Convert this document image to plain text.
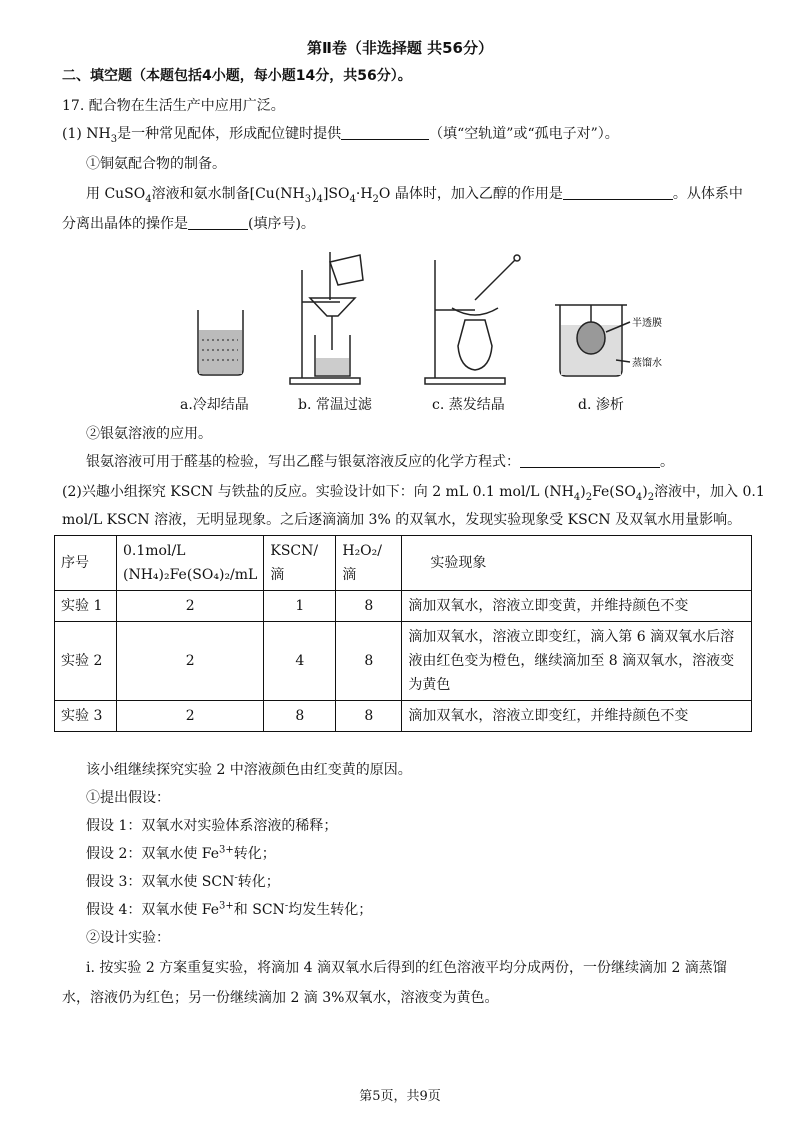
第Ⅱ卷（非选择题 共56分）
二、填空题（本题包括4小题，每小题14分，共56分）。
17. 配合物在生活生产中应用广泛。
(1) $NH_3$是一种常见配体，形成配位键时提供	（填“空轨道”或“孤电子对”）。
①铜氨配合物的制备。
用 CuSO$_4$溶液和氨水制备$[Cu(NH_3)_4]SO_4\cdot H_2O$ 晶体时，加入乙醇的作用是	。从体系中
分离出晶体的操作是	(填序号)。
半透膜
蒸馏水
a.冷却结晶	b. 常温过滤	c. 蒸发结晶	d. 渗析
②银氨溶液的应用。
银氨溶液可用于醛基的检验，写出乙醛与银氨溶液反应的化学方程式：	。
(2)兴趣小组探究 KSCN 与铁盐的反应。实验设计如下：向 2 mL 0.1 mol/L $(NH_4)_2Fe(SO_4)_2$溶液中，加入 0.1
mol/L KSCN 溶液，无明显现象。之后逐滴滴加 3% 的双氧水，发现实验现象受 KSCN 及双氧水用量影响。
序号	0.1mol/L
(NH₄)₂Fe(SO₄)₂/mL	KSCN/滴	H₂O₂/滴	实验现象
实验 1	2	1	8	滴加双氧水，溶液立即变黄，并维持颜色不变
实验 2	2	4	8	滴加双氧水，溶液立即变红，滴入第 6 滴双氧水后溶液由红色变为橙色，继续滴加至 8 滴双氧水，溶液变为黄色
实验 3	2	8	8	滴加双氧水，溶液立即变红，并维持颜色不变
该小组继续探究实验 2 中溶液颜色由红变黄的原因。
①提出假设：
假设 1：双氧水对实验体系溶液的稀释；
假设 2：双氧水使 $Fe^{3+}$转化；
假设 3：双氧水使 SCN-转化；
假设 4：双氧水使 $Fe^{3+}$和 SCN-均发生转化；
②设计实验：
i. 按实验 2 方案重复实验，将滴加 4 滴双氧水后得到的红色溶液平均分成两份，一份继续滴加 2 滴蒸馏
水，溶液仍为红色；另一份继续滴加 2 滴 3%双氧水，溶液变为黄色。
第5页，共9页
